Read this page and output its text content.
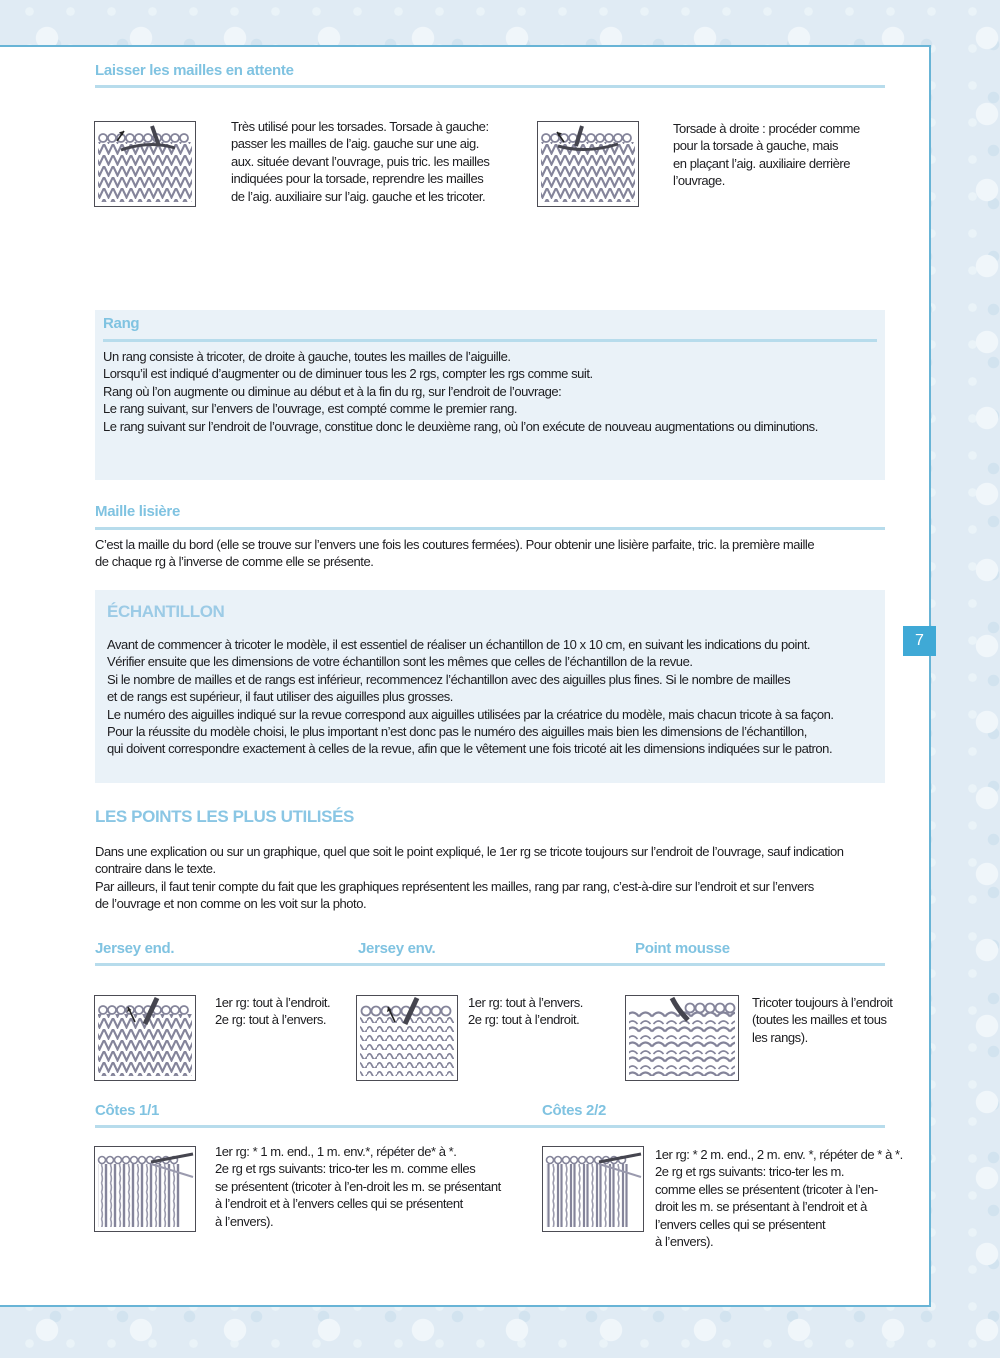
Laisser les mailles en attente
Très utilisé pour les torsades. Torsade à gauche:
passer les mailles de l’aig. gauche sur une aig.
aux. située devant l’ouvrage, puis tric. les mailles
indiquées pour la torsade, reprendre les mailles
de l’aig. auxiliaire sur l’aig. gauche et les tricoter.
Torsade à droite : procéder comme
pour la torsade à gauche, mais
en plaçant l’aig. auxiliaire derrière
l’ouvrage.
Rang
Un rang consiste à tricoter, de droite à gauche, toutes les mailles de l’aiguille.
Lorsqu’il est indiqué d’augmenter ou de diminuer tous les 2 rgs, compter les rgs comme suit.
Rang où l’on augmente ou diminue au début et à la fin du rg, sur l’endroit de l’ouvrage:
Le rang suivant, sur l’envers de l’ouvrage, est compté comme le premier rang.
Le rang suivant sur l’endroit de l’ouvrage, constitue donc le deuxième rang, où l’on exécute de nouveau augmentations ou diminutions.
Maille lisière
C’est la maille du bord (elle se trouve sur l’envers une fois les coutures fermées). Pour obtenir une lisière parfaite, tric. la première maille
de chaque rg à l’inverse de comme elle se présente.
ÉCHANTILLON
Avant de commencer à tricoter le modèle, il est essentiel de réaliser un échantillon de 10 x 10 cm, en suivant les indications du point.
Vérifier ensuite que les dimensions de votre échantillon sont les mêmes que celles de l’échantillon de la revue.
Si le nombre de mailles et de rangs est inférieur, recommencez l’échantillon avec des aiguilles plus fines. Si le nombre de mailles
et de rangs est supérieur, il faut utiliser des aiguilles plus grosses.
Le numéro des aiguilles indiqué sur la revue correspond aux aiguilles utilisées par la créatrice du modèle, mais chacun tricote à sa façon.
Pour la réussite du modèle choisi, le plus important n’est donc pas le numéro des aiguilles mais bien les dimensions de l’échantillon,
qui doivent correspondre exactement à celles de la revue, afin que le vêtement une fois tricoté ait les dimensions indiquées sur le patron.
LES POINTS LES PLUS UTILISÉS
Dans une explication ou sur un graphique, quel que soit le point expliqué, le 1er rg se tricote toujours sur l’endroit de l’ouvrage, sauf indication
contraire dans le texte.
Par ailleurs, il faut tenir compte du fait que les graphiques représentent les mailles, rang par rang, c’est-à-dire sur l’endroit et sur l’envers
de l’ouvrage et non comme on les voit sur la photo.
Jersey end.	Jersey env.	Point mousse
1er rg: tout à l’endroit.
2e rg: tout à l’envers.
1er rg: tout à l’envers.
2e rg: tout à l’endroit.
Tricoter toujours à l’endroit
(toutes les mailles et tous
les rangs).
Côtes 1/1	Côtes 2/2
1er rg: * 1 m. end., 1 m. env.*, répéter de* à *.
2e rg et rgs suivants: trico-ter les m. comme elles
se présentent (tricoter à l’en-droit les m. se présentant
à l’endroit et à l’envers celles qui se présentent
à l’envers).
1er rg: * 2 m. end., 2 m. env. *, répéter de * à *.
2e rg et rgs suivants: trico-ter les m.
comme elles se présentent (tricoter à l’en-
droit les m. se présentant à l’endroit et à
l’envers celles qui se présentent
à l’envers).
7
